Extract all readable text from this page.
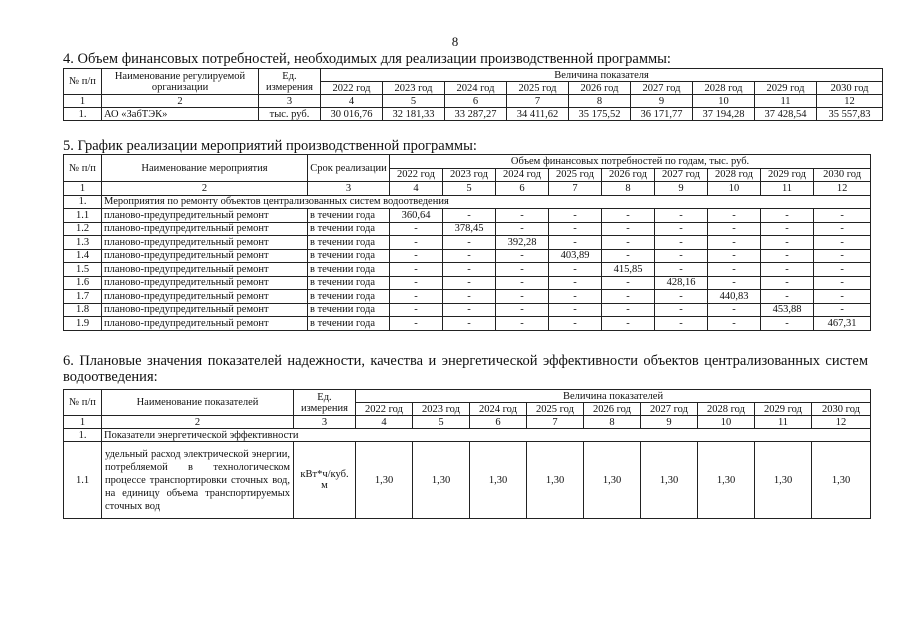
8
4. Объем финансовых потребностей, необходимых для реализации производственной программы:
№ п/п	Наименование регулируемой организации	Ед. измерения	Величина показателя								
			2022 год	2023 год	2024 год	2025 год	2026 год	2027 год	2028 год	2029 год	2030 год
1	2	3	4	5	6	7	8	9	10	11	12
1.	АО «ЗабТЭК»	тыс. руб.	30 016,76	32 181,33	33 287,27	34 411,62	35 175,52	36 171,77	37 194,28	37 428,54	35 557,83
5. График реализации мероприятий производственной программы:
№ п/п	Наименование мероприятия	Срок реализации	Объем финансовых потребностей по годам, тыс. руб.								
			2022 год	2023 год	2024 год	2025 год	2026 год	2027 год	2028 год	2029 год	2030 год
1	2	3	4	5	6	7	8	9	10	11	12
1.	Мероприятия по ремонту объектов централизованных систем водоотведения										
1.1	планово-предупредительный ремонт	в течении года	360,64	-	-	-	-	-	-	-	-
1.2	планово-предупредительный ремонт	в течении года	-	378,45	-	-	-	-	-	-	-
1.3	планово-предупредительный ремонт	в течении года	-	-	392,28	-	-	-	-	-	-
1.4	планово-предупредительный ремонт	в течении года	-	-	-	403,89	-	-	-	-	-
1.5	планово-предупредительный ремонт	в течении года	-	-	-	-	415,85	-	-	-	-
1.6	планово-предупредительный ремонт	в течении года	-	-	-	-	-	428,16	-	-	-
1.7	планово-предупредительный ремонт	в течении года	-	-	-	-	-	-	440,83	-	-
1.8	планово-предупредительный ремонт	в течении года	-	-	-	-	-	-	-	453,88	-
1.9	планово-предупредительный ремонт	в течении года	-	-	-	-	-	-	-	-	467,31
6. Плановые значения показателей надежности, качества и энергетической эффективности объектов централизованных систем водоотведения:
№ п/п	Наименование показателей	Ед. измерения	Величина показателей								
			2022 год	2023 год	2024 год	2025 год	2026 год	2027 год	2028 год	2029 год	2030 год
1	2	3	4	5	6	7	8	9	10	11	12
1.	Показатели энергетической эффективности										
1.1	удельный расход электрической энергии, потребляемой в технологическом процессе транспортировки сточных вод, на единицу объема транспортируемых сточных вод	кВт*ч/куб. м	1,30	1,30	1,30	1,30	1,30	1,30	1,30	1,30	1,30
